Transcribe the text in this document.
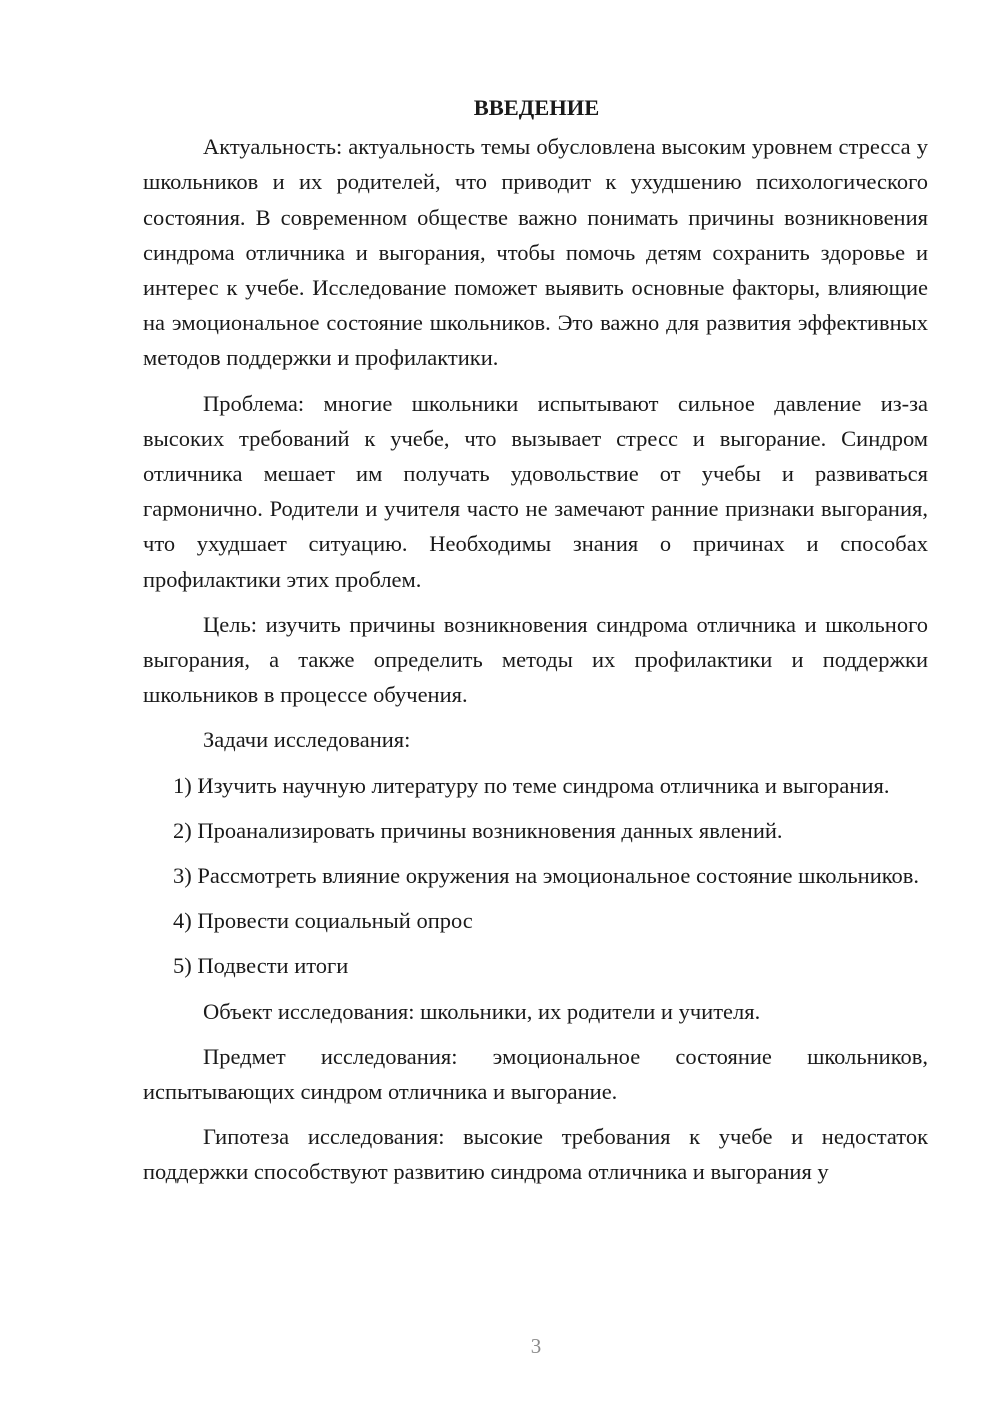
ВВЕДЕНИЕ

Актуальность: актуальность темы обусловлена высоким уровнем стресса у школьников и их родителей, что приводит к ухудшению психологического состояния. В современном обществе важно понимать причины возникновения синдрома отличника и выгорания, чтобы помочь детям сохранить здоровье и интерес к учебе. Исследование поможет выявить основные факторы, влияющие на эмоциональное состояние школьников. Это важно для развития эффективных методов поддержки и профилактики.

Проблема: многие школьники испытывают сильное давление из-за высоких требований к учебе, что вызывает стресс и выгорание. Синдром отличника мешает им получать удовольствие от учебы и развиваться гармонично. Родители и учителя часто не замечают ранние признаки выгорания, что ухудшает ситуацию. Необходимы знания о причинах и способах профилактики этих проблем.

Цель: изучить причины возникновения синдрома отличника и школьного выгорания, а также определить методы их профилактики и поддержки школьников в процессе обучения.

Задачи исследования:

1) Изучить научную литературу по теме синдрома отличника и выгорания.

2) Проанализировать причины возникновения данных явлений.

3) Рассмотреть влияние окружения на эмоциональное состояние школьников.

4) Провести социальный опрос

5) Подвести итоги

Объект исследования: школьники, их родители и учителя.

Предмет исследования: эмоциональное состояние школьников, испытывающих синдром отличника и выгорание.

Гипотеза исследования: высокие требования к учебе и недостаток поддержки способствуют развитию синдрома отличника и выгорания у

3
